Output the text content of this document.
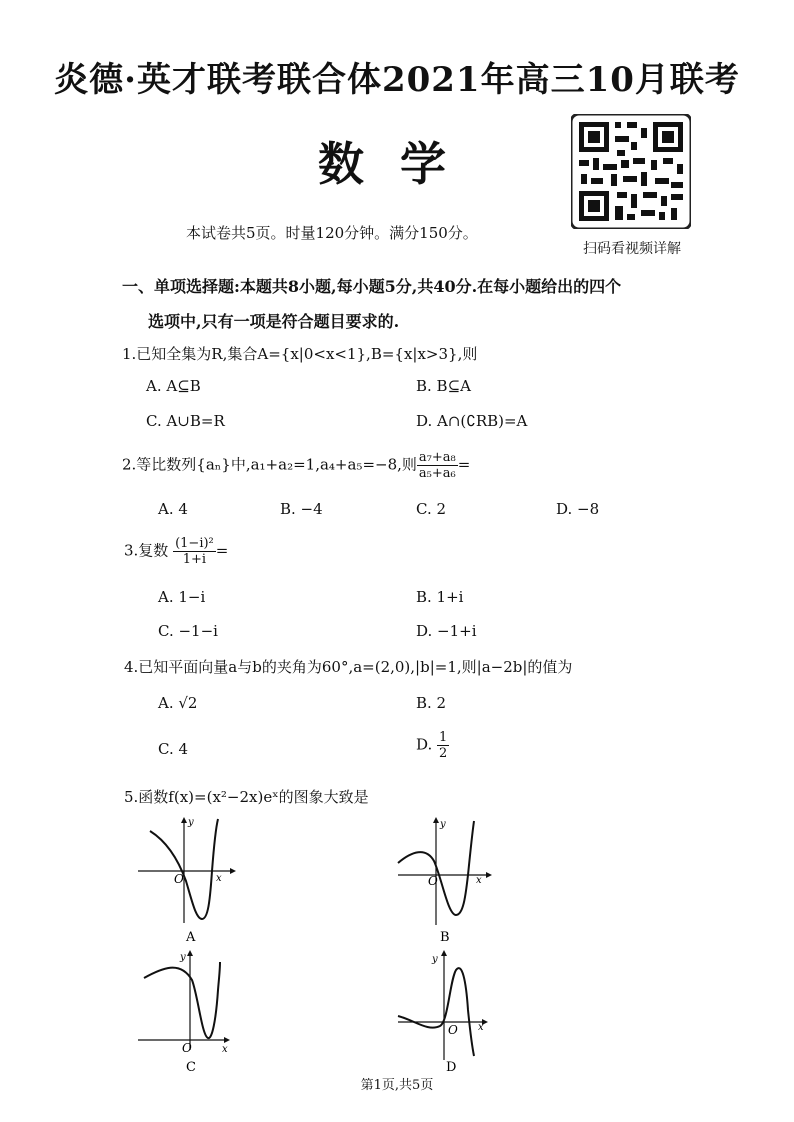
炎德·英才联考联合体2021年高三10月联考
数学
扫码看视频详解
本试卷共5页。时量120分钟。满分150分。
一、单项选择题:本题共8小题,每小题5分,共40分.在每小题给出的四个
选项中,只有一项是符合题目要求的.
1.已知全集为R,集合A={x|0<x<1},B={x|x>3},则
A. A⊆B	B. B⊆A
C. A∪B=R	D. A∩(∁RB)=A
2.等比数列{aₙ}中,a₁+a₂=1,a₄+a₅=−8,则 $\frac{\text{a₇+a₈}}{\text{a₅+a₆}}$ =
A. 4	B. −4	C. 2	D. −8
3.复数 $\frac{\text{(1−i)²}}{1+i}$ =
A. 1−i	B. 1+i
C. −1−i	D. −1+i
4.已知平面向量a与b的夹角为60°,a=(2,0),|b|=1,则|a−2b|的值为
A. √2	B. 2
C. 4	D. $\frac{1}{2}$
5.函数f(x)=(x²−2x)eˣ的图象大致是
y
x
O
A
y
x
O
B
y
x
O
C
y
x
O
D
第1页,共5页
